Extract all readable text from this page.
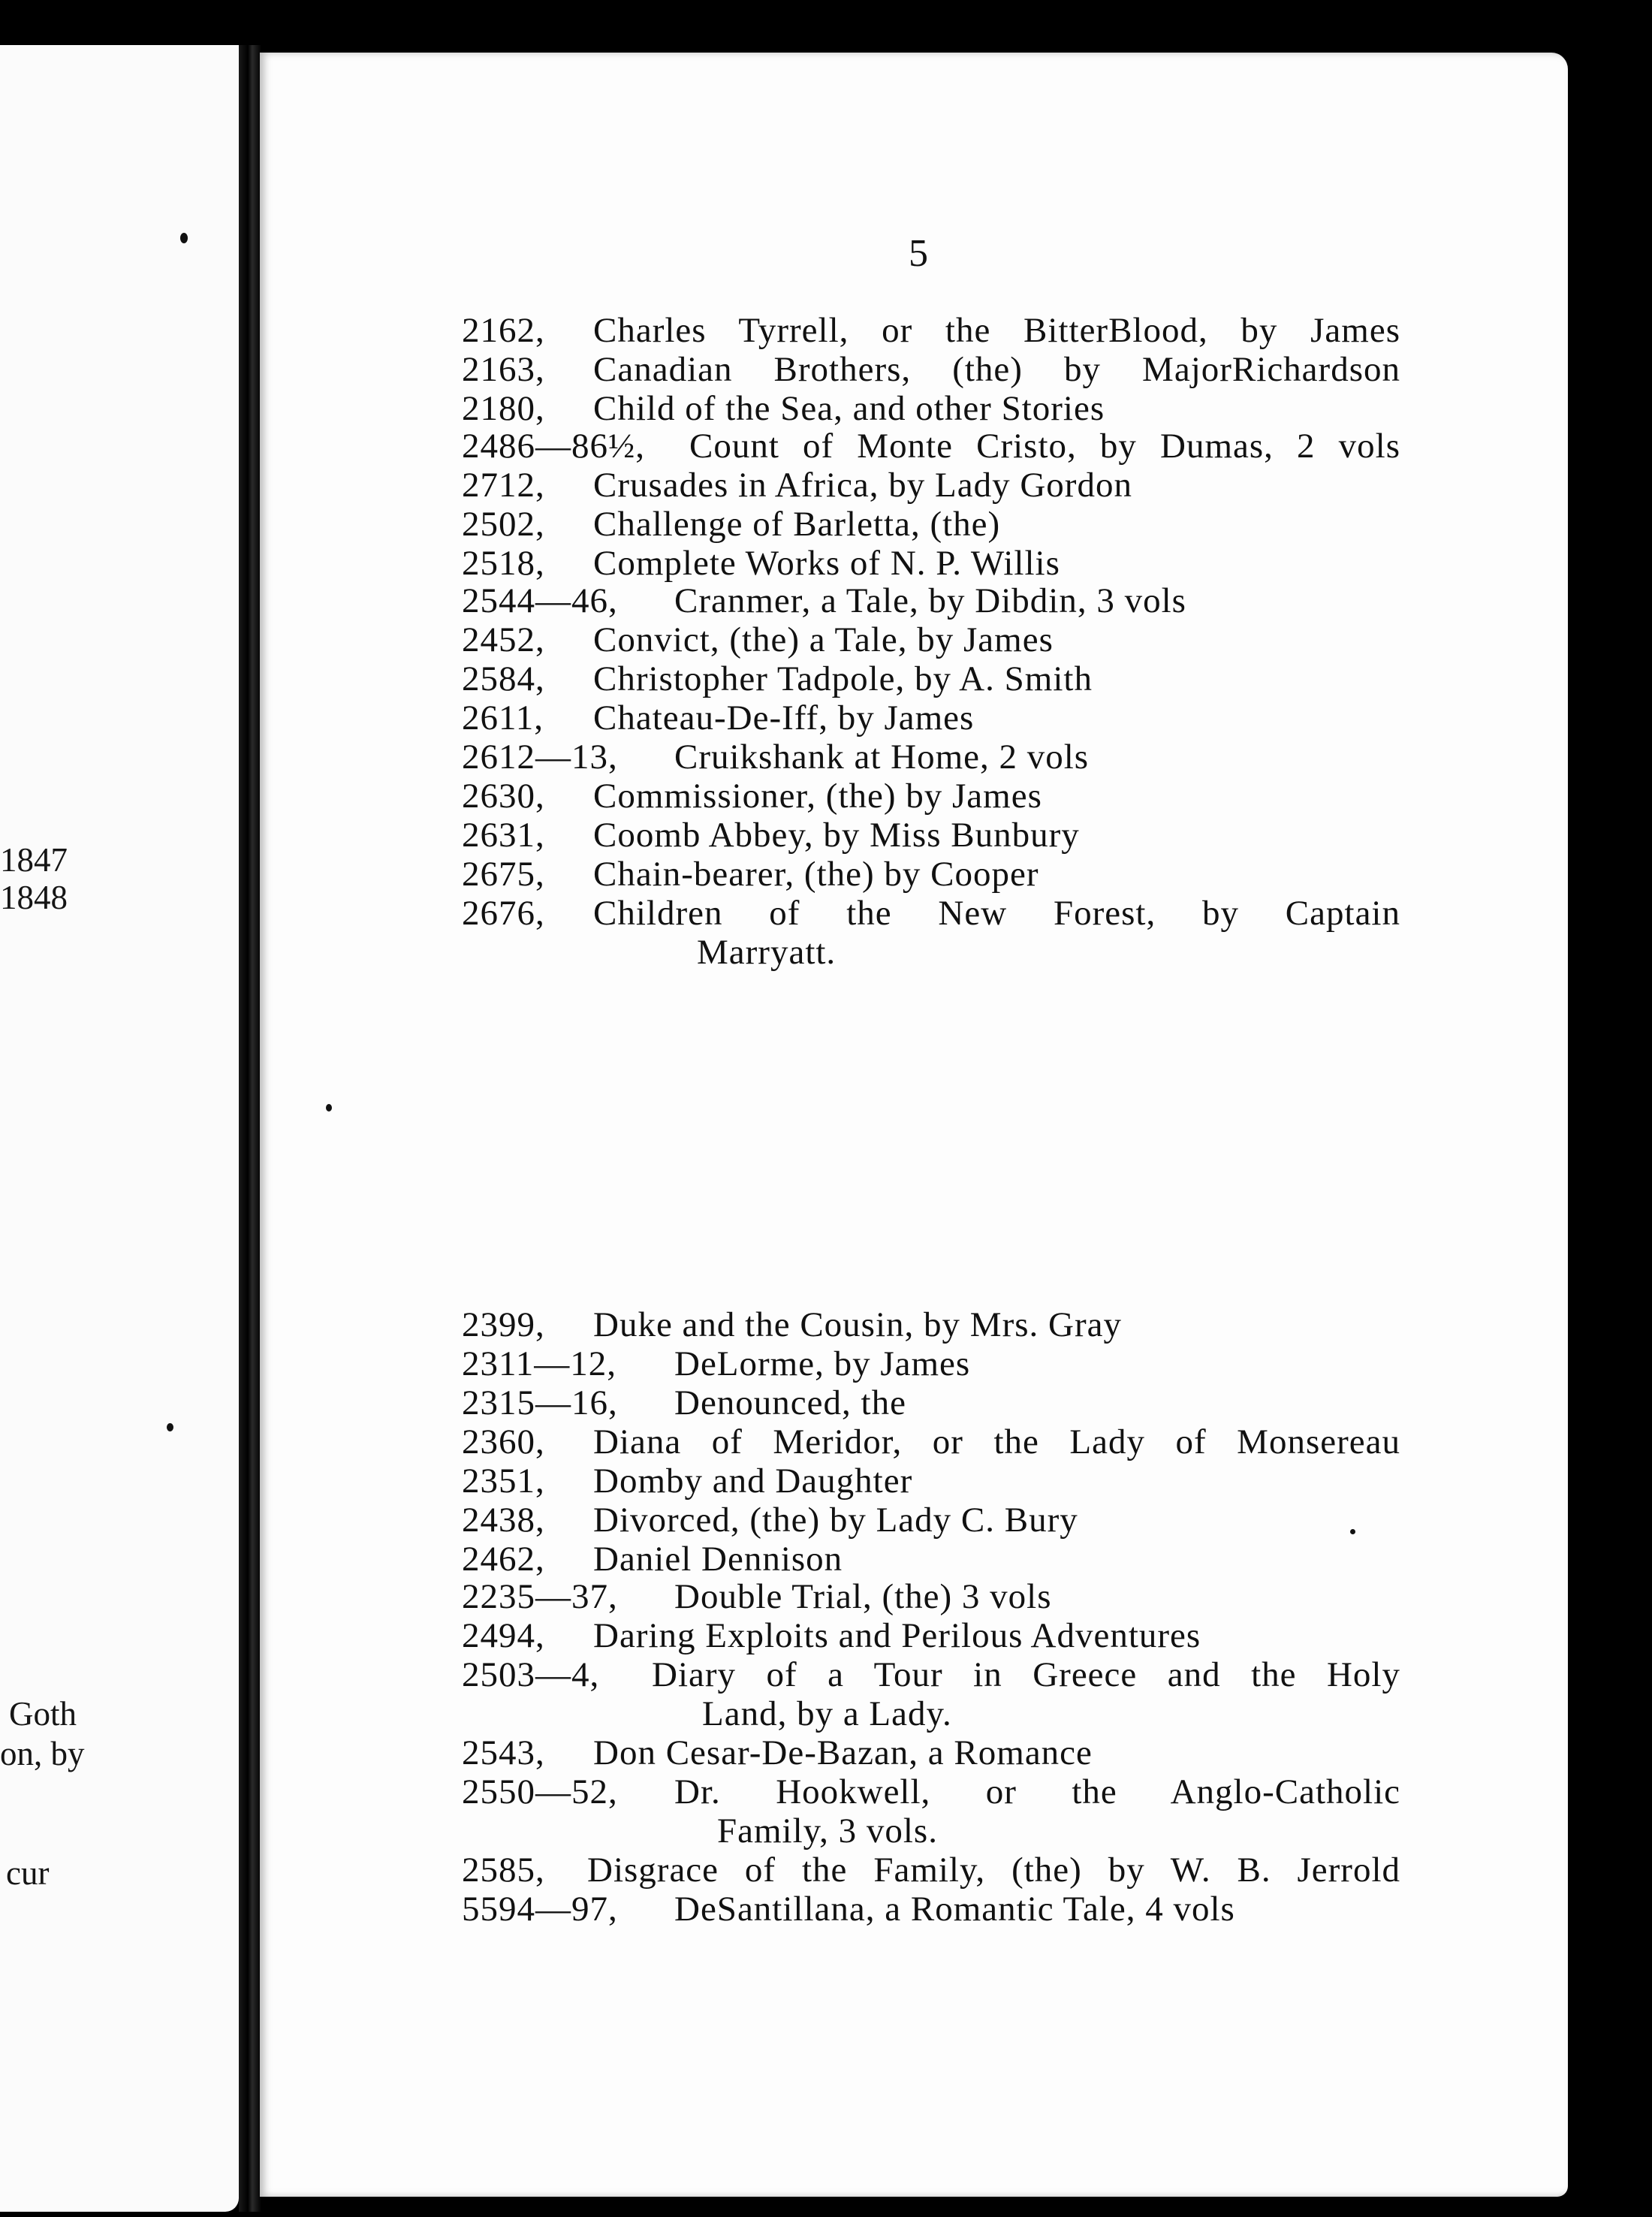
1847
1848
Goth
on, by
cur
5
2162, Charles Tyrrell, or the BitterBlood, by James
2163, Canadian Brothers, (the) by MajorRichardson
2180, Child of the Sea, and other Stories
2486—86½, Count of Monte Cristo, by Dumas, 2 vols
2712, Crusades in Africa, by Lady Gordon
2502, Challenge of Barletta, (the)
2518, Complete Works of N. P. Willis
2544—46, Cranmer, a Tale, by Dibdin, 3 vols
2452, Convict, (the) a Tale, by James
2584, Christopher Tadpole, by A. Smith
2611, Chateau-De-Iff, by James
2612—13, Cruikshank at Home, 2 vols
2630, Commissioner, (the) by James
2631, Coomb Abbey, by Miss Bunbury
2675, Chain-bearer, (the) by Cooper
2676, Children of the New Forest, by Captain
Marryatt.
2399, Duke and the Cousin, by Mrs. Gray
2311—12, DeLorme, by James
2315—16, Denounced, the
2360, Diana of Meridor, or the Lady of Monsereau
2351, Domby and Daughter
2438, Divorced, (the) by Lady C. Bury
2462, Daniel Dennison
2235—37, Double Trial, (the) 3 vols
2494, Daring Exploits and Perilous Adventures
2503—4, Diary of a Tour in Greece and the Holy
Land, by a Lady.
2543, Don Cesar-De-Bazan, a Romance
2550—52, Dr. Hookwell, or the Anglo-Catholic
Family, 3 vols.
2585, Disgrace of the Family, (the) by W. B. Jerrold
5594—97, DeSantillana, a Romantic Tale, 4 vols
